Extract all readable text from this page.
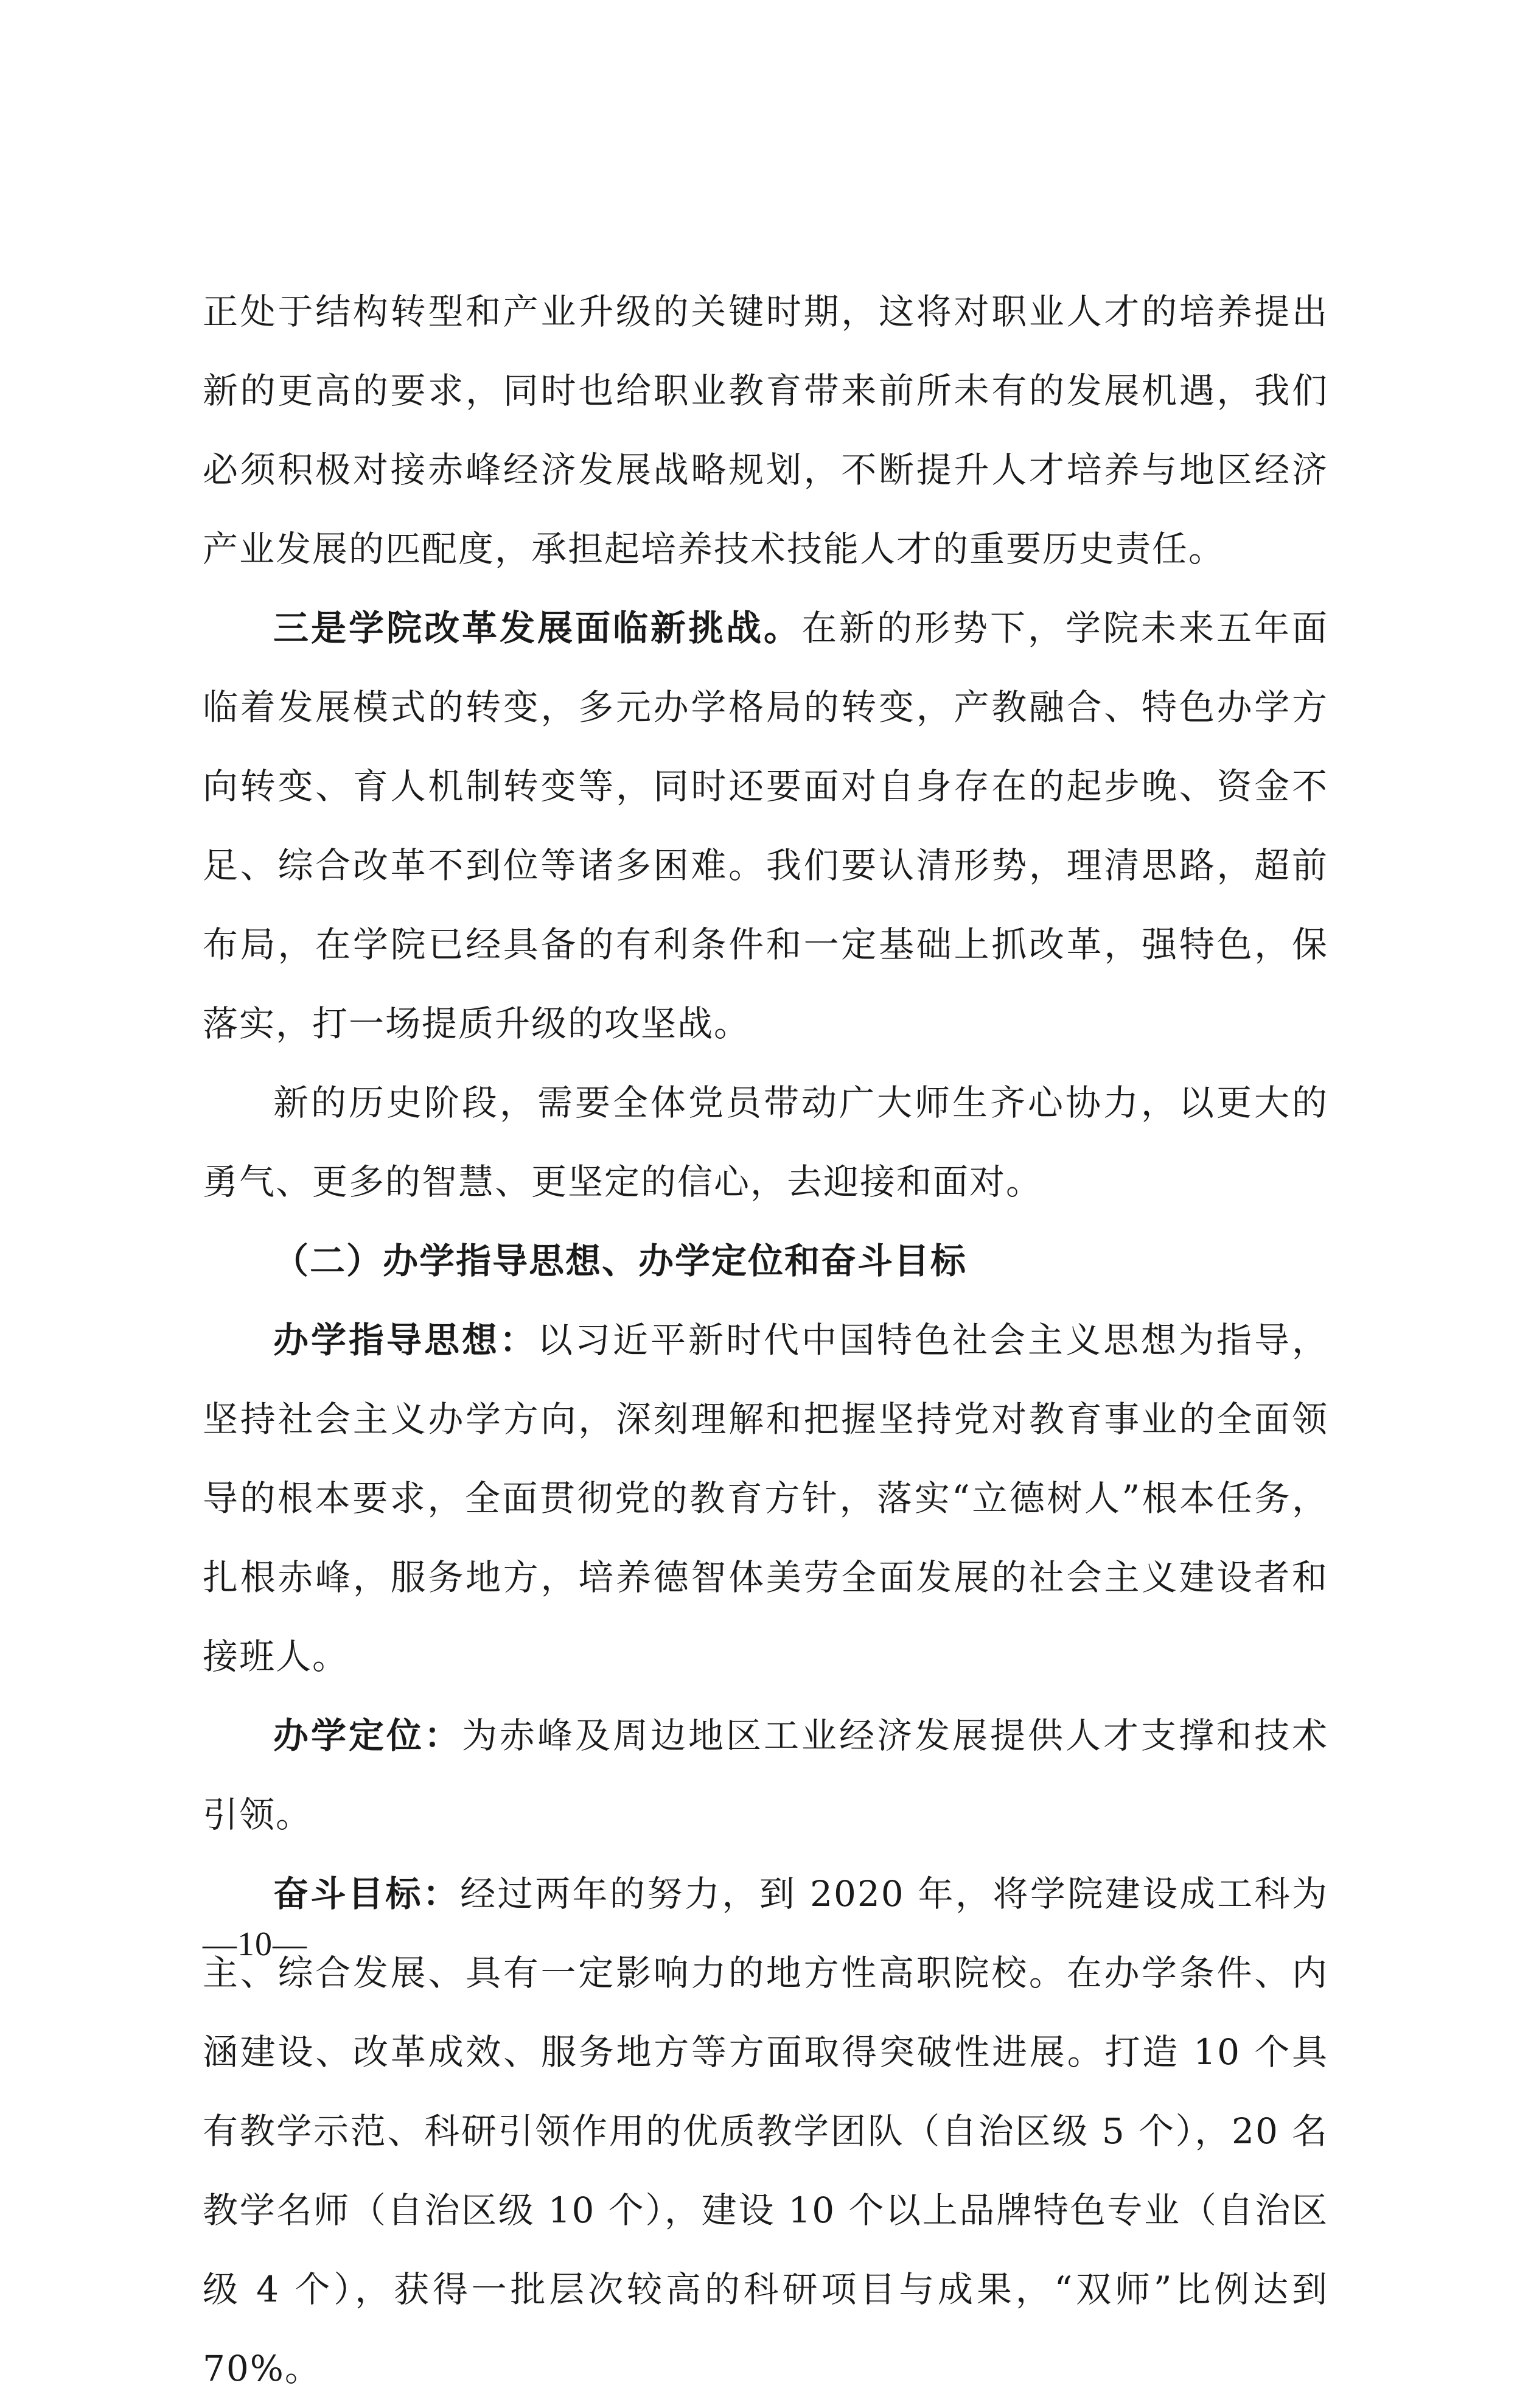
正处于结构转型和产业升级的关键时期，这将对职业人才的培养提出新的更高的要求，同时也给职业教育带来前所未有的发展机遇，我们必须积极对接赤峰经济发展战略规划，不断提升人才培养与地区经济产业发展的匹配度，承担起培养技术技能人才的重要历史责任。

三是学院改革发展面临新挑战。在新的形势下，学院未来五年面临着发展模式的转变，多元办学格局的转变，产教融合、特色办学方向转变、育人机制转变等，同时还要面对自身存在的起步晚、资金不足、综合改革不到位等诸多困难。我们要认清形势，理清思路，超前布局，在学院已经具备的有利条件和一定基础上抓改革，强特色，保落实，打一场提质升级的攻坚战。

新的历史阶段，需要全体党员带动广大师生齐心协力，以更大的勇气、更多的智慧、更坚定的信心，去迎接和面对。

（二）办学指导思想、办学定位和奋斗目标

办学指导思想：以习近平新时代中国特色社会主义思想为指导，坚持社会主义办学方向，深刻理解和把握坚持党对教育事业的全面领导的根本要求，全面贯彻党的教育方针，落实“立德树人”根本任务，扎根赤峰，服务地方，培养德智体美劳全面发展的社会主义建设者和接班人。

办学定位：为赤峰及周边地区工业经济发展提供人才支撑和技术引领。

奋斗目标：经过两年的努力，到 2020 年，将学院建设成工科为主、综合发展、具有一定影响力的地方性高职院校。在办学条件、内涵建设、改革成效、服务地方等方面取得突破性进展。打造 10 个具有教学示范、科研引领作用的优质教学团队（自治区级 5 个），20 名教学名师（自治区级 10 个），建设 10 个以上品牌特色专业（自治区级 4 个），获得一批层次较高的科研项目与成果，“双师”比例达到 70%。

—10—
